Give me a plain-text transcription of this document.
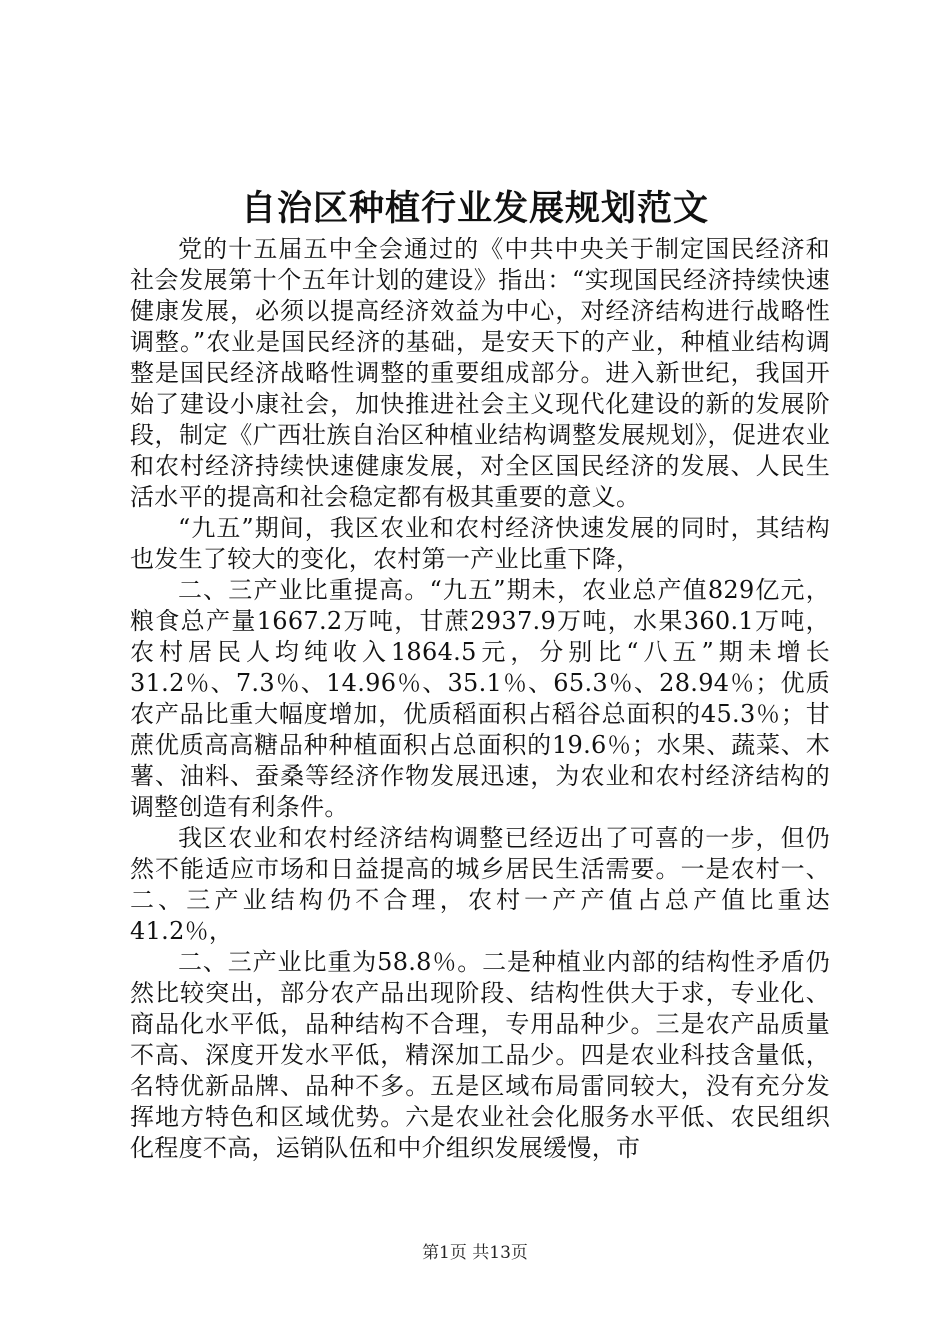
自治区种植行业发展规划范文

党的十五届五中全会通过的《中共中央关于制定国民经济和社会发展第十个五年计划的建设》指出：“实现国民经济持续快速健康发展，必须以提高经济效益为中心，对经济结构进行战略性调整。”农业是国民经济的基础，是安天下的产业，种植业结构调整是国民经济战略性调整的重要组成部分。进入新世纪，我国开始了建设小康社会，加快推进社会主义现代化建设的新的发展阶段，制定《广西壮族自治区种植业结构调整发展规划》，促进农业和农村经济持续快速健康发展，对全区国民经济的发展、人民生活水平的提高和社会稳定都有极其重要的意义。

“九五”期间，我区农业和农村经济快速发展的同时，其结构也发生了较大的变化，农村第一产业比重下降，

二、三产业比重提高。“九五”期未，农业总产值829亿元，粮食总产量1667.2万吨，甘蔗2937.9万吨，水果360.1万吨，农村居民人均纯收入1864.5元，分别比“八五”期未增长31.2％、7.3％、14.96％、35.1％、65.3％、28.94％；优质农产品比重大幅度增加，优质稻面积占稻谷总面积的45.3％；甘蔗优质高高糖品种种植面积占总面积的19.6％；水果、蔬菜、木薯、油料、蚕桑等经济作物发展迅速，为农业和农村经济结构的调整创造有利条件。

我区农业和农村经济结构调整已经迈出了可喜的一步，但仍然不能适应市场和日益提高的城乡居民生活需要。一是农村一、二、三产业结构仍不合理，农村一产产值占总产值比重达41.2％，

二、三产业比重为58.8％。二是种植业内部的结构性矛盾仍然比较突出，部分农产品出现阶段、结构性供大于求，专业化、商品化水平低，品种结构不合理，专用品种少。三是农产品质量不高、深度开发水平低，精深加工品少。四是农业科技含量低，名特优新品牌、品种不多。五是区域布局雷同较大，没有充分发挥地方特色和区域优势。六是农业社会化服务水平低、农民组织化程度不高，运销队伍和中介组织发展缓慢，市

第1页 共13页
